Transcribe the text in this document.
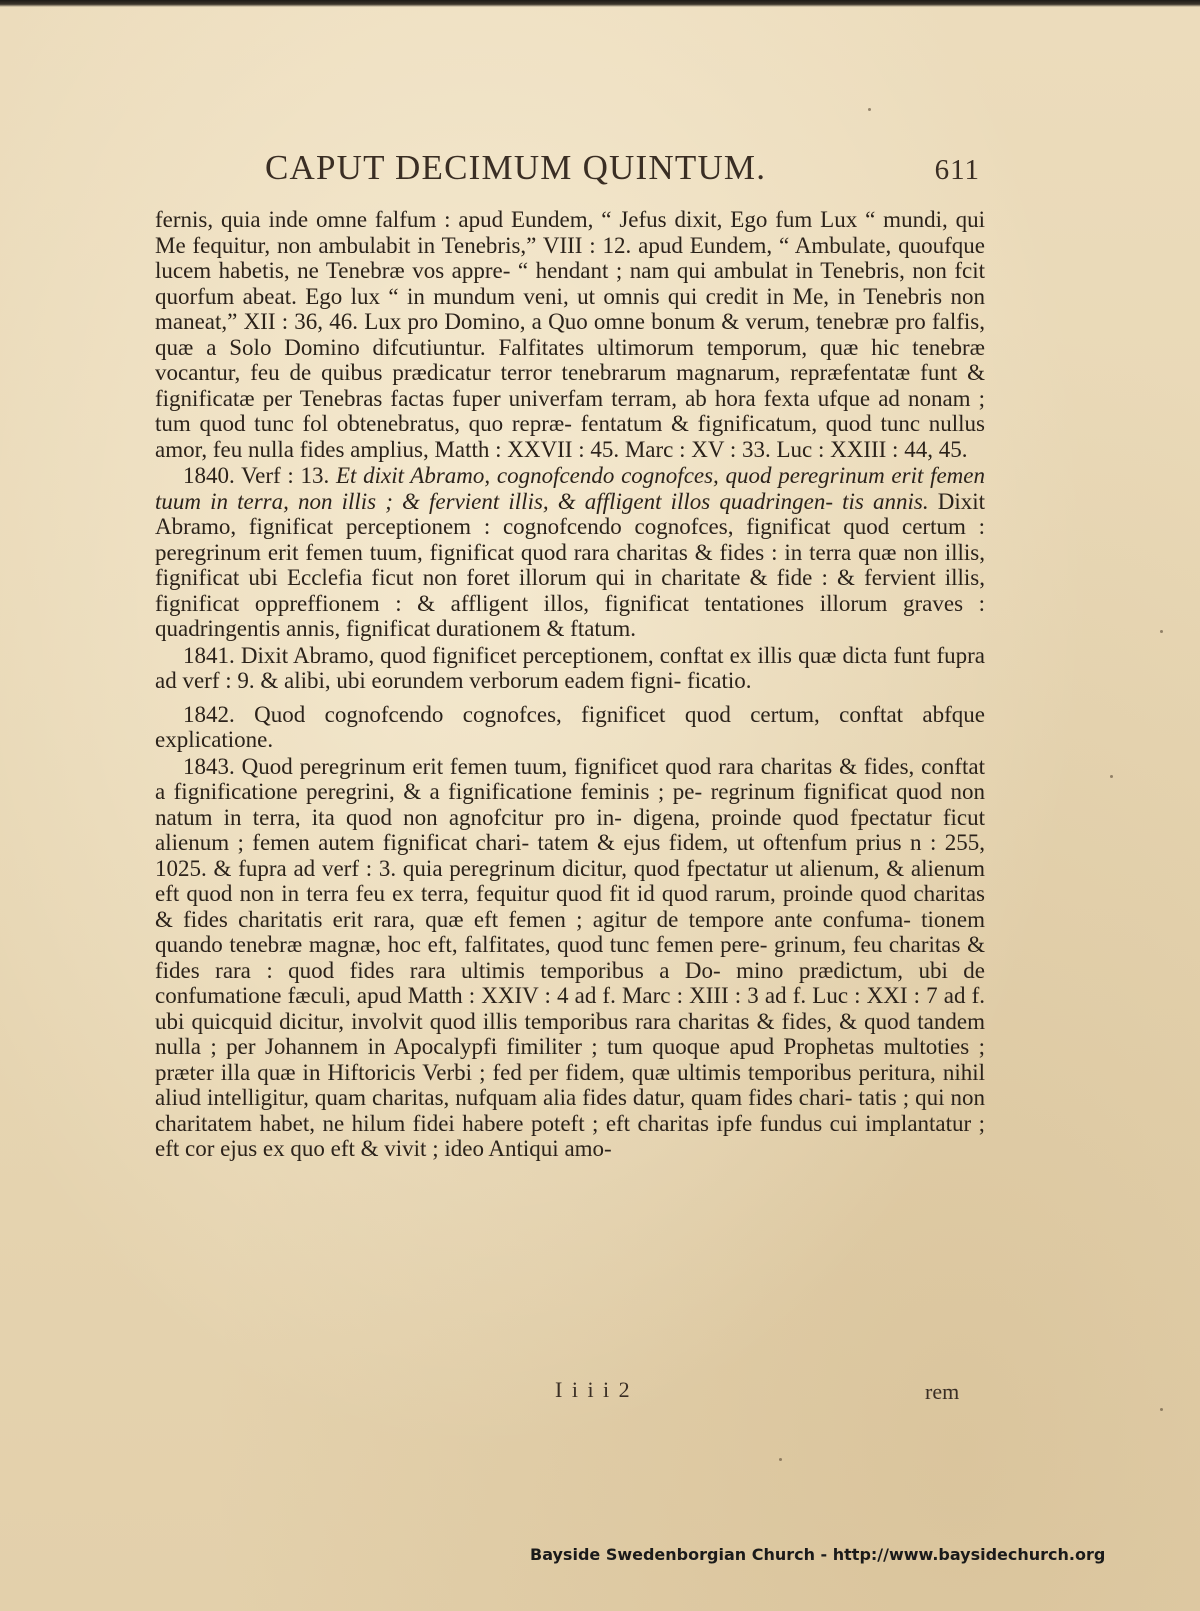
CAPUT DECIMUM QUINTUM.	611

fernis, quia inde omne falfum : apud Eundem, “ Jefus dixit, Ego fum Lux “ mundi, qui Me fequitur, non ambulabit in Tenebris,” VIII : 12. apud Eundem, “ Ambulate, quoufque lucem habetis, ne Tenebræ vos appre- “ hendant ; nam qui ambulat in Tenebris, non fcit quorfum abeat. Ego lux “ in mundum veni, ut omnis qui credit in Me, in Tenebris non maneat,” XII : 36, 46. Lux pro Domino, a Quo omne bonum & verum, tenebræ pro falfis, quæ a Solo Domino difcutiuntur. Falfitates ultimorum temporum, quæ hic tenebræ vocantur, feu de quibus prædicatur terror tenebrarum magnarum, repræfentatæ funt & fignificatæ per Tenebras factas fuper univerfam terram, ab hora fexta ufque ad nonam ; tum quod tunc fol obtenebratus, quo repræ- fentatum & fignificatum, quod tunc nullus amor, feu nulla fides amplius, Matth : XXVII : 45. Marc : XV : 33. Luc : XXIII : 44, 45.

1840. Verf : 13. Et dixit Abramo, cognofcendo cognofces, quod peregrinum erit femen tuum in terra, non illis ; & fervient illis, & affligent illos quadringen- tis annis. Dixit Abramo, fignificat perceptionem : cognofcendo cognofces, fignificat quod certum : peregrinum erit femen tuum, fignificat quod rara charitas & fides : in terra quæ non illis, fignificat ubi Ecclefia ficut non foret illorum qui in charitate & fide : & fervient illis, fignificat oppreffionem : & affligent illos, fignificat tentationes illorum graves : quadringentis annis, fignificat durationem & ftatum.

1841. Dixit Abramo, quod fignificet perceptionem, conftat ex illis quæ dicta funt fupra ad verf : 9. & alibi, ubi eorundem verborum eadem figni- ficatio.

1842. Quod cognofcendo cognofces, fignificet quod certum, conftat abfque explicatione.

1843. Quod peregrinum erit femen tuum, fignificet quod rara charitas & fides, conftat a fignificatione peregrini, & a fignificatione feminis ; pe- regrinum fignificat quod non natum in terra, ita quod non agnofcitur pro in- digena, proinde quod fpectatur ficut alienum ; femen autem fignificat chari- tatem & ejus fidem, ut oftenfum prius n : 255, 1025. & fupra ad verf : 3. quia peregrinum dicitur, quod fpectatur ut alienum, & alienum eft quod non in terra feu ex terra, fequitur quod fit id quod rarum, proinde quod charitas & fides charitatis erit rara, quæ eft femen ; agitur de tempore ante confuma- tionem quando tenebræ magnæ, hoc eft, falfitates, quod tunc femen pere- grinum, feu charitas & fides rara : quod fides rara ultimis temporibus a Do- mino prædictum, ubi de confumatione fæculi, apud Matth : XXIV : 4 ad f. Marc : XIII : 3 ad f. Luc : XXI : 7 ad f. ubi quicquid dicitur, involvit quod illis temporibus rara charitas & fides, & quod tandem nulla ; per Johannem in Apocalypfi fimiliter ; tum quoque apud Prophetas multoties ; præter illa quæ in Hiftoricis Verbi ; fed per fidem, quæ ultimis temporibus peritura, nihil aliud intelligitur, quam charitas, nufquam alia fides datur, quam fides chari- tatis ; qui non charitatem habet, ne hilum fidei habere poteft ; eft charitas ipfe fundus cui implantatur ; eft cor ejus ex quo eft & vivit ; ideo Antiqui amo-

I i i i 2	rem
Bayside Swedenborgian Church - http://www.baysidechurch.org
